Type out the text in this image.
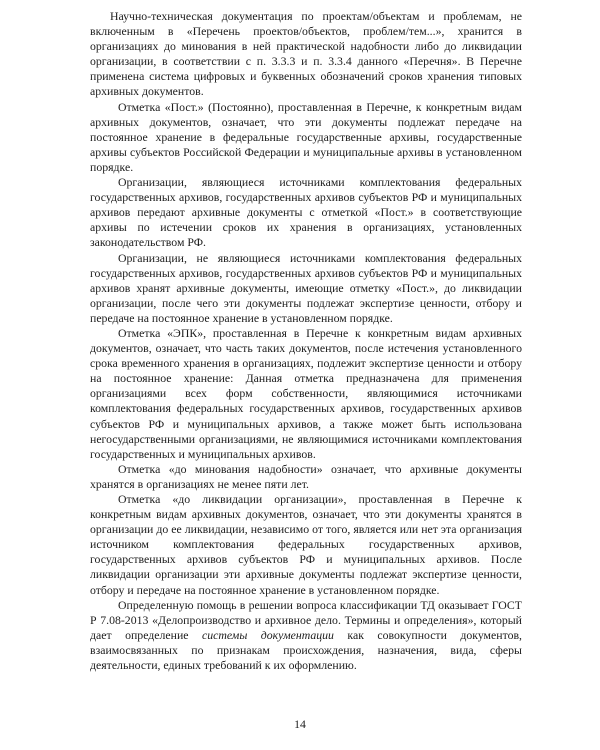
Научно-техническая документация по проектам/объектам и проблемам, не включенным в «Перечень проектов/объектов, проблем/тем...», хранится в организациях до минования в ней практической надобности либо до ликвидации организации, в соответствии с п. 3.3.3 и п. 3.3.4 данного «Перечня». В Перечне применена система цифровых и буквенных обозначений сроков хранения типовых архивных документов.

Отметка «Пост.» (Постоянно), проставленная в Перечне, к конкретным видам архивных документов, означает, что эти документы подлежат передаче на постоянное хранение в федеральные государственные архивы, государственные архивы субъектов Российской Федерации и муниципальные архивы в установленном порядке.

Организации, являющиеся источниками комплектования федеральных государственных архивов, государственных архивов субъектов РФ и муниципальных архивов передают архивные документы с отметкой «Пост.» в соответствующие архивы по истечении сроков их хранения в организациях, установленных законодательством РФ.

Организации, не являющиеся источниками комплектования федеральных государственных архивов, государственных архивов субъектов РФ и муниципальных архивов хранят архивные документы, имеющие отметку «Пост.», до ликвидации организации, после чего эти документы подлежат экспертизе ценности, отбору и передаче на постоянное хранение в установленном порядке.

Отметка «ЭПК», проставленная в Перечне к конкретным видам архивных документов, означает, что часть таких документов, после истечения установленного срока временного хранения в организациях, подлежит экспертизе ценности и отбору на постоянное хранение: Данная отметка предназначена для применения организациями всех форм собственности, являющимися источниками комплектования федеральных государственных архивов, государственных архивов субъектов РФ и муниципальных архивов, а также может быть использована негосударственными организациями, не являющимися источниками комплектования государственных и муниципальных архивов.

Отметка «до минования надобности» означает, что архивные документы хранятся в организациях не менее пяти лет.

Отметка «до ликвидации организации», проставленная в Перечне к конкретным видам архивных документов, означает, что эти документы хранятся в организации до ее ликвидации, независимо от того, является или нет эта организация источником комплектования федеральных государственных архивов, государственных архивов субъектов РФ и муниципальных архивов. После ликвидации организации эти архивные документы подлежат экспертизе ценности, отбору и передаче на постоянное хранение в установленном порядке.

Определенную помощь в решении вопроса классификации ТД оказывает ГОСТ Р 7.08-2013 «Делопроизводство и архивное дело. Термины и определения», который дает определение системы документации как совокупности документов, взаимосвязанных по признакам происхождения, назначения, вида, сферы деятельности, единых требований к их оформлению.

14
